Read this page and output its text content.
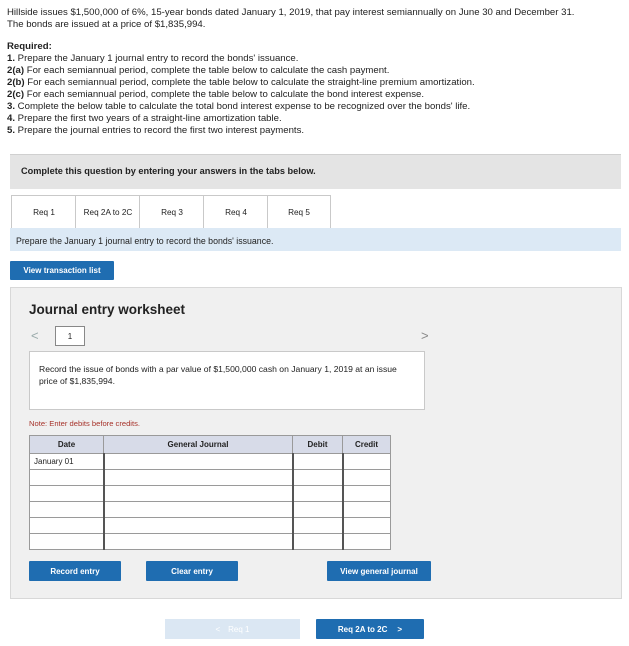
Hillside issues $1,500,000 of 6%, 15-year bonds dated January 1, 2019, that pay interest semiannually on June 30 and December 31.

The bonds are issued at a price of $1,835,994.

Required:

1. Prepare the January 1 journal entry to record the bonds' issuance.
2(a) For each semiannual period, complete the table below to calculate the cash payment.
2(b) For each semiannual period, complete the table below to calculate the straight-line premium amortization.
2(c) For each semiannual period, complete the table below to calculate the bond interest expense.
3. Complete the below table to calculate the total bond interest expense to be recognized over the bonds' life.
4. Prepare the first two years of a straight-line amortization table.
5. Prepare the journal entries to record the first two interest payments.
Complete this question by entering your answers in the tabs below.
Req 1	Req 2A to 2C	Req 3	Req 4	Req 5
Prepare the January 1 journal entry to record the bonds' issuance.
View transaction list
Journal entry worksheet
<	1	>
Record the issue of bonds with a par value of $1,500,000 cash on January 1, 2019 at an issue price of $1,835,994.
Note: Enter debits before credits.
Date	General Journal	Debit	Credit
January 01			

Record entry	Clear entry	View general journal
< Req 1	Req 2A to 2C >
